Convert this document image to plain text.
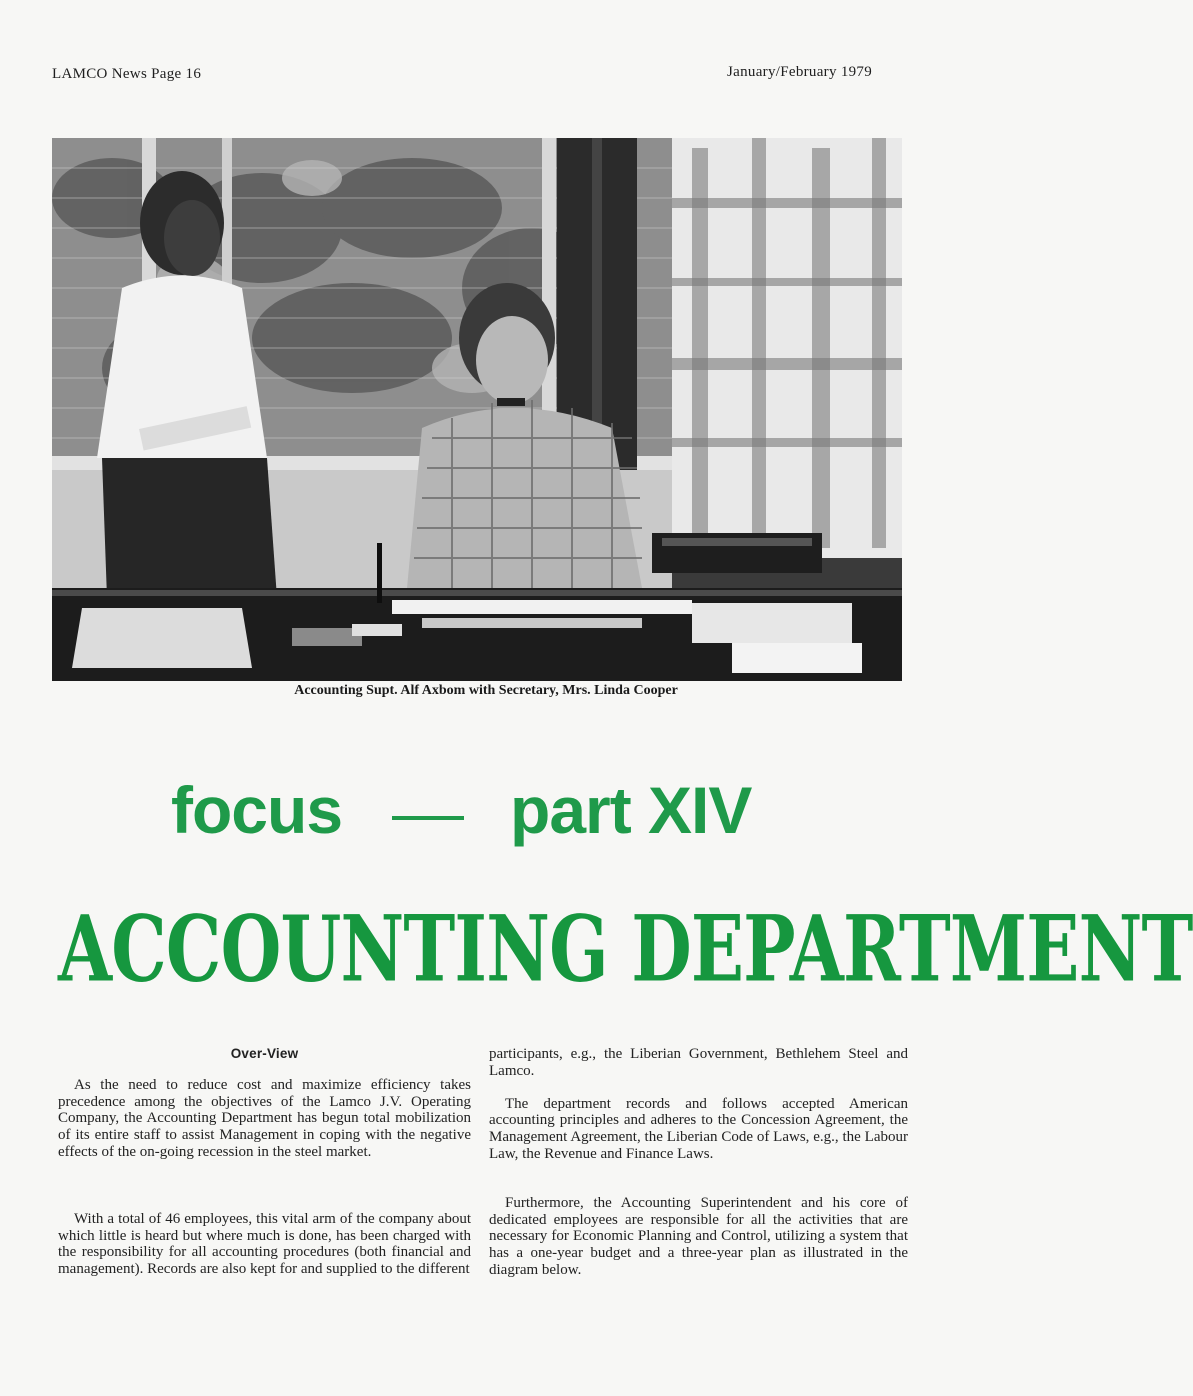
LAMCO News Page 16	January/February 1979
Accounting Supt. Alf Axbom with Secretary, Mrs. Linda Cooper
focus	part XIV
ACCOUNTING DEPARTMENT
Over-View

As the need to reduce cost and maximize efficiency takes precedence among the objectives of the Lamco J.V. Operating Company, the Accounting Department has begun total mobilization of its entire staff to assist Management in coping with the negative effects of the on-going recession in the steel market.

With a total of 46 employees, this vital arm of the company about which little is heard but where much is done, has been charged with the responsibility for all accounting procedures (both financial and management). Records are also kept for and supplied to the different

participants, e.g., the Liberian Government, Bethlehem Steel and Lamco.

The department records and follows accepted American accounting principles and adheres to the Concession Agreement, the Management Agreement, the Liberian Code of Laws, e.g., the Labour Law, the Revenue and Finance Laws.

Furthermore, the Accounting Superintendent and his core of dedicated employees are responsible for all the activities that are necessary for Economic Planning and Control, utilizing a system that has a one-year budget and a three-year plan as illustrated in the diagram below.
